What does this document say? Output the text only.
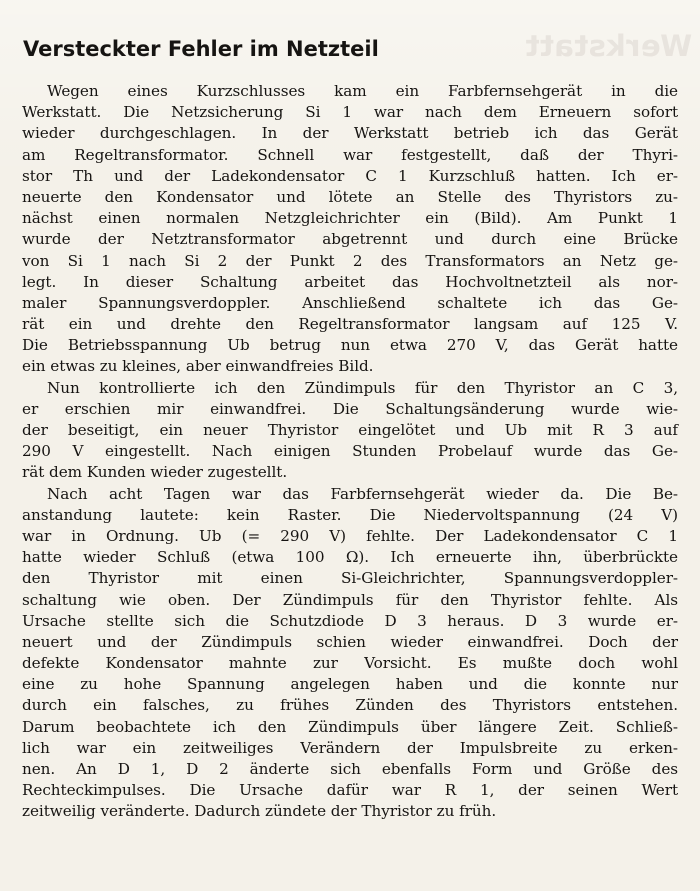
Werkstatt
Versteckter Fehler im Netzteil
Wegen eines Kurzschlusses kam ein Farbfernsehgerät in die
Werkstatt. Die Netzsicherung Si 1 war nach dem Erneuern sofort
wieder durchgeschlagen. In der Werkstatt betrieb ich das Gerät
am Regeltransformator. Schnell war festgestellt, daß der Thyri-
stor Th und der Ladekondensator C 1 Kurzschluß hatten. Ich er-
neuerte den Kondensator und lötete an Stelle des Thyristors zu-
nächst einen normalen Netzgleichrichter ein (Bild). Am Punkt 1
wurde der Netztransformator abgetrennt und durch eine Brücke
von Si 1 nach Si 2 der Punkt 2 des Transformators an Netz ge-
legt. In dieser Schaltung arbeitet das Hochvoltnetzteil als nor-
maler Spannungsverdoppler. Anschließend schaltete ich das Ge-
rät ein und drehte den Regeltransformator langsam auf 125 V.
Die Betriebsspannung Ub betrug nun etwa 270 V, das Gerät hatte
ein etwas zu kleines, aber einwandfreies Bild.
Nun kontrollierte ich den Zündimpuls für den Thyristor an C 3,
er erschien mir einwandfrei. Die Schaltungsänderung wurde wie-
der beseitigt, ein neuer Thyristor eingelötet und Ub mit R 3 auf
290 V eingestellt. Nach einigen Stunden Probelauf wurde das Ge-
rät dem Kunden wieder zugestellt.
Nach acht Tagen war das Farbfernsehgerät wieder da. Die Be-
anstandung lautete: kein Raster. Die Niedervoltspannung (24 V)
war in Ordnung. Ub (= 290 V) fehlte. Der Ladekondensator C 1
hatte wieder Schluß (etwa 100 Ω). Ich erneuerte ihn, überbrückte
den Thyristor mit einen Si-Gleichrichter, Spannungsverdoppler-
schaltung wie oben. Der Zündimpuls für den Thyristor fehlte. Als
Ursache stellte sich die Schutzdiode D 3 heraus. D 3 wurde er-
neuert und der Zündimpuls schien wieder einwandfrei. Doch der
defekte Kondensator mahnte zur Vorsicht. Es mußte doch wohl
eine zu hohe Spannung angelegen haben und die konnte nur
durch ein falsches, zu frühes Zünden des Thyristors entstehen.
Darum beobachtete ich den Zündimpuls über längere Zeit. Schließ-
lich war ein zeitweiliges Verändern der Impulsbreite zu erken-
nen. An D 1, D 2 änderte sich ebenfalls Form und Größe des
Rechteckimpulses. Die Ursache dafür war R 1, der seinen Wert
zeitweilig veränderte. Dadurch zündete der Thyristor zu früh.
